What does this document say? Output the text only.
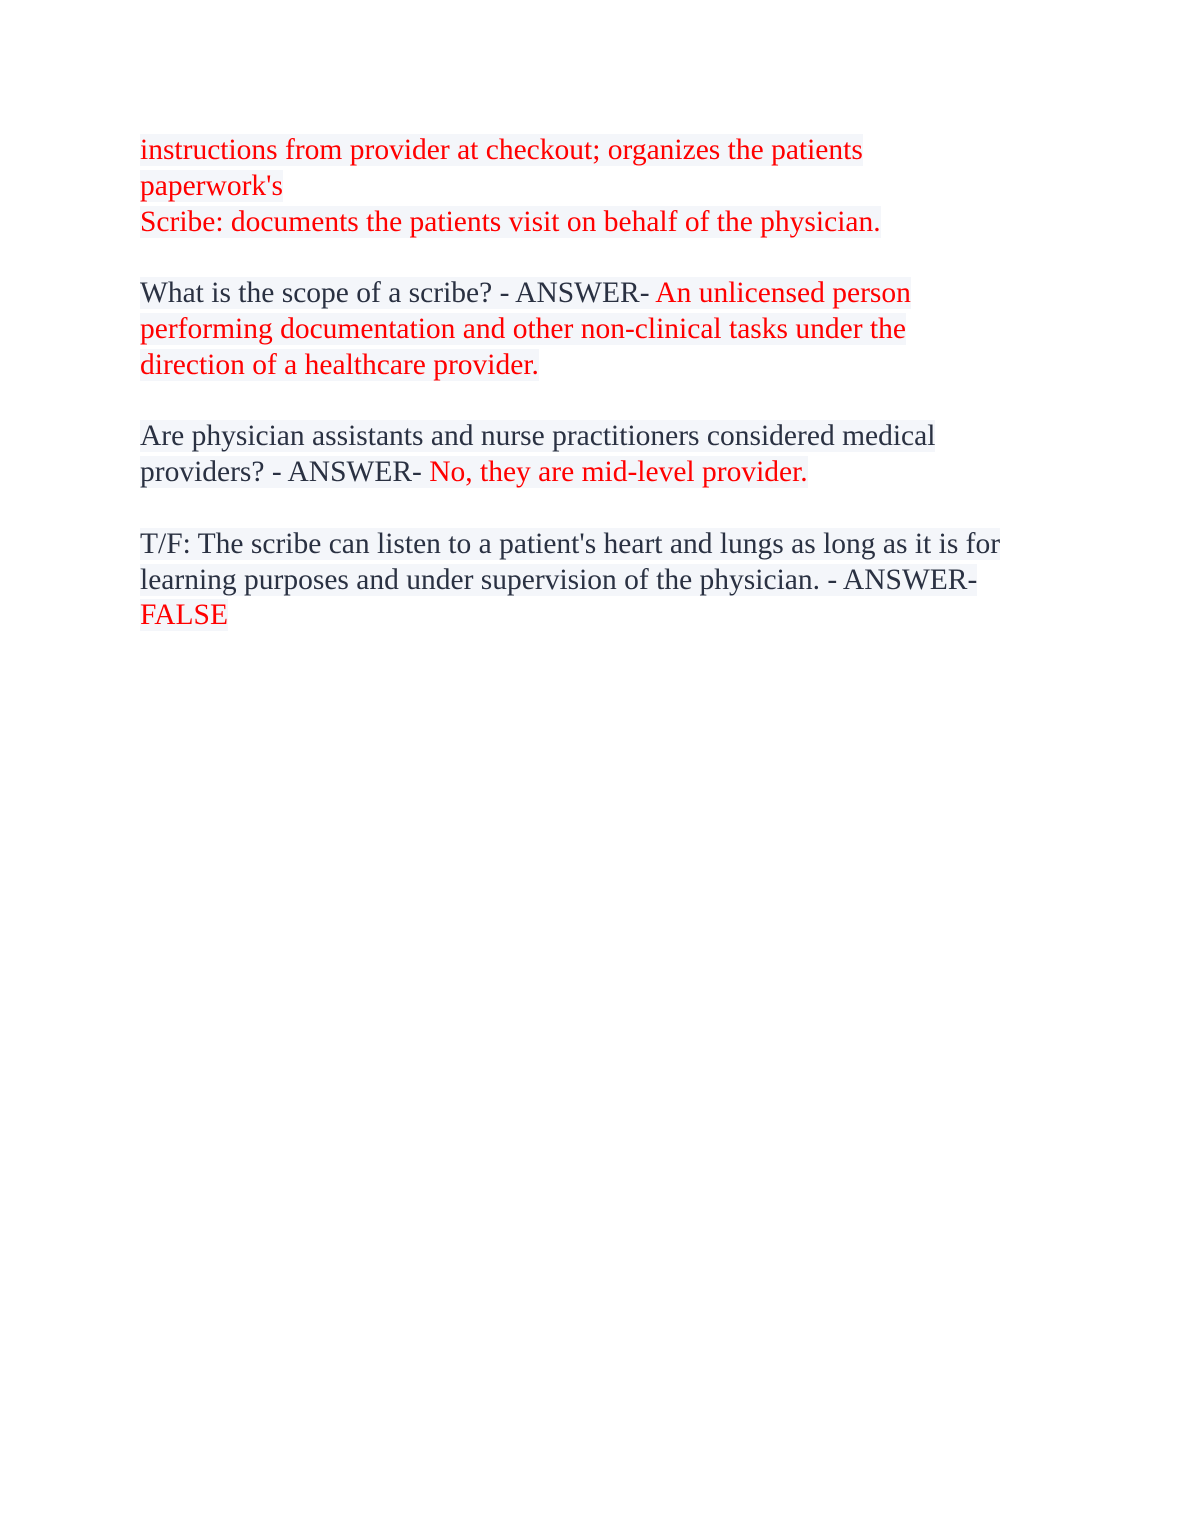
instructions from provider at checkout; organizes the patients
paperwork's
Scribe: documents the patients visit on behalf of the physician.
What is the scope of a scribe? - ANSWER- An unlicensed person
performing documentation and other non-clinical tasks under the
direction of a healthcare provider.
Are physician assistants and nurse practitioners considered medical
providers? - ANSWER- No, they are mid-level provider.
T/F: The scribe can listen to a patient's heart and lungs as long as it is for
learning purposes and under supervision of the physician. - ANSWER-
FALSE
